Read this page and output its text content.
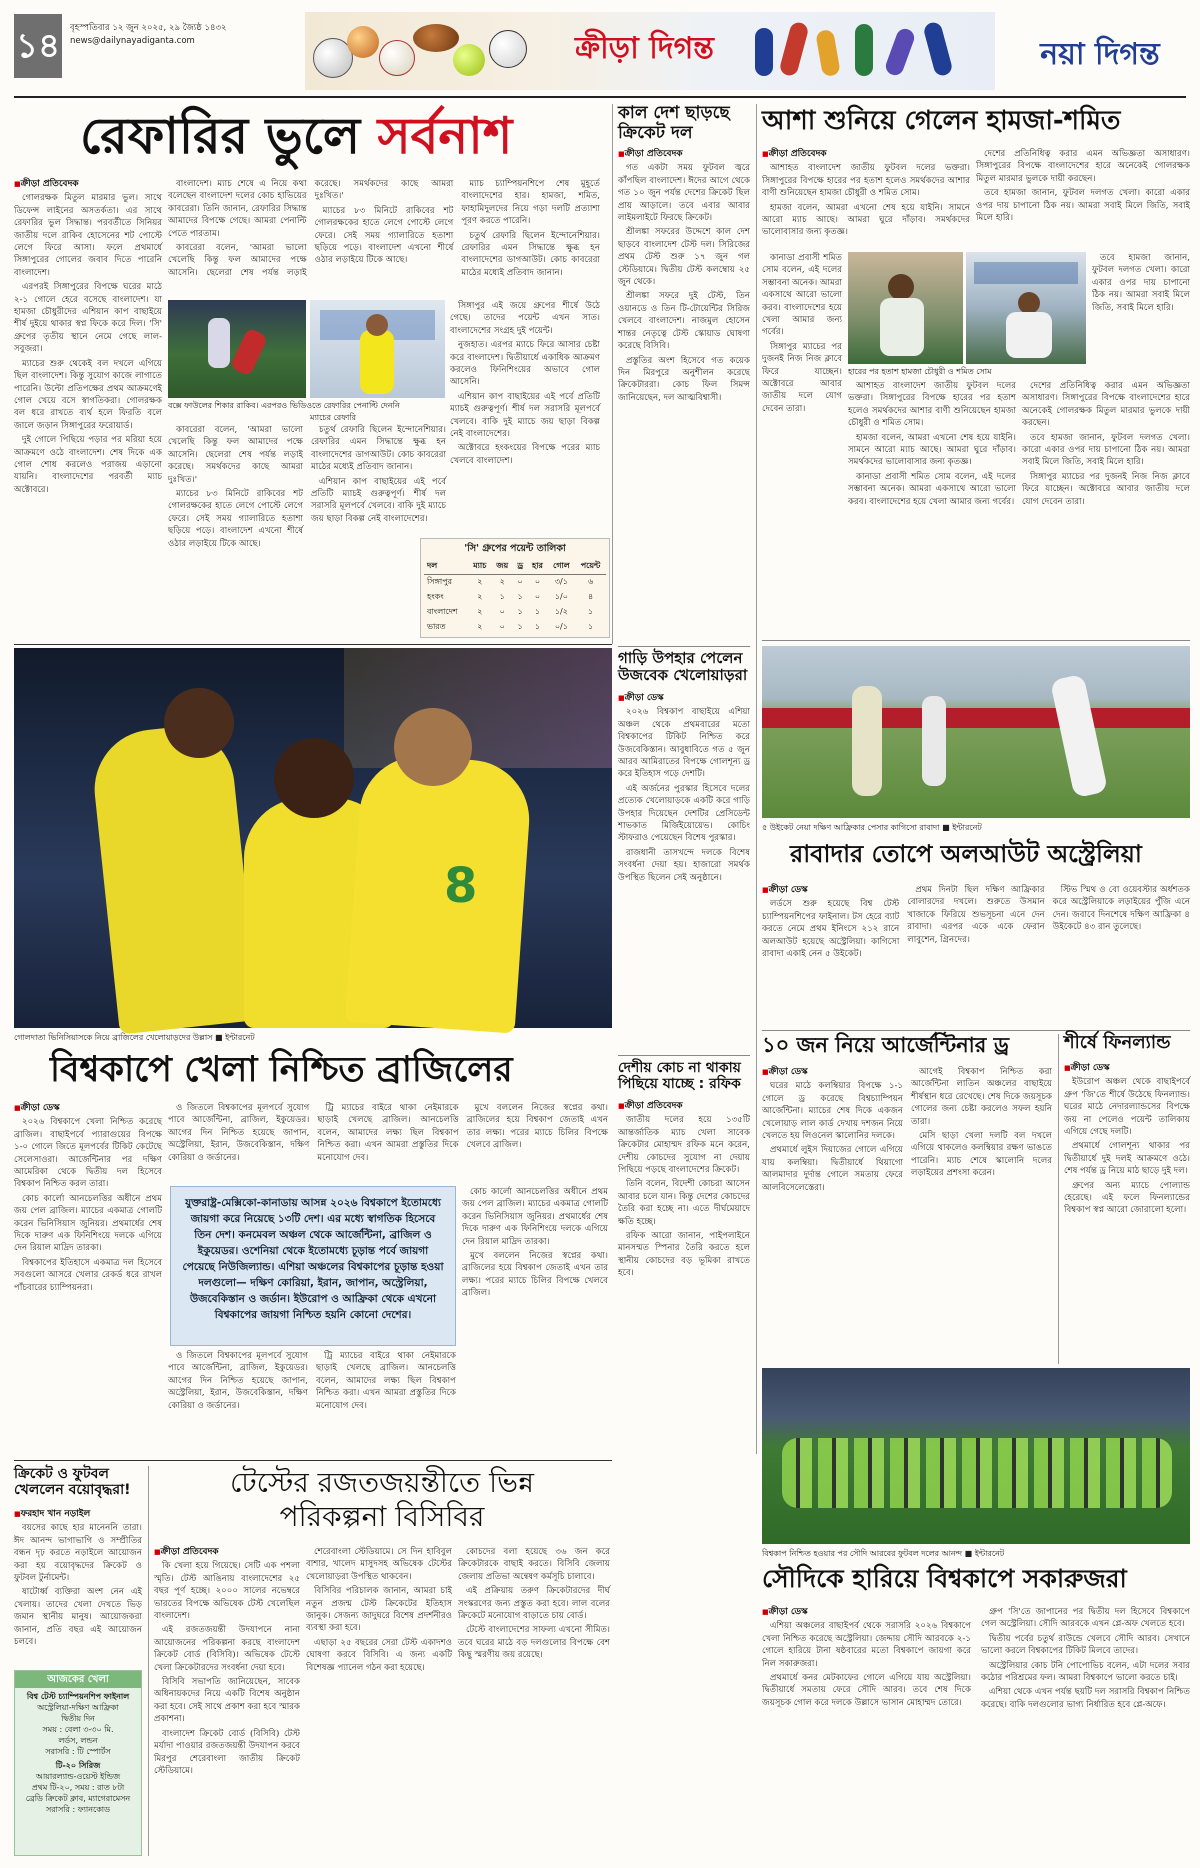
১৪ বৃহস্পতিবার ১২ জুন ২০২৫, ২৯ জ্যৈষ্ঠ ১৪৩২
news@dailynayadiganta.com	ক্রীড়া দিগন্ত	নয়া দিগন্ত
রেফারির ভুলে সর্বনাশ
■ ক্রীড়া প্রতিবেদক

গোলরক্ষক মিতুল মারমার ভুল। সাথে ডিফেন্স লাইনের অসতর্কতা। এর সাথে রেফারির ভুল সিদ্ধান্ত। পরবর্তীতে সিনিয়র জাতীয় দলে রাকিব হোসেনের শট পোস্টে লেগে ফিরে আসা। ফলে প্রথমার্ধে সিঙ্গাপুরের গোলের জবাব দিতে পারেনি বাংলাদেশ।

এরপরই সিঙ্গাপুরের বিপক্ষে ঘরের মাঠে ২-১ গোলে হেরে বসেছে বাংলাদেশ। যা হামজা চৌধুরীদের এশিয়ান কাপ বাছাইয়ে শীর্ষ দুইয়ে থাকার স্বপ্ন ফিকে করে দিল। 'সি' গ্রুপের তৃতীয় স্থানে নেমে গেছে লাল-সবুজরা।

ম্যাচের শুরু থেকেই বল দখলে এগিয়ে ছিল বাংলাদেশ। কিন্তু সুযোগ কাজে লাগাতে পারেনি। উল্টো প্রতিপক্ষের প্রথম আক্রমণেই গোল খেয়ে বসে স্বাগতিকরা। গোলরক্ষক বল ধরে রাখতে ব্যর্থ হলে ফিরতি বলে জালে জড়ান সিঙ্গাপুরের ফরোয়ার্ড।

দুই গোলে পিছিয়ে পড়ার পর মরিয়া হয়ে আক্রমণে ওঠে বাংলাদেশ। শেষ দিকে এক গোল শোধ করলেও পরাজয় এড়ানো যায়নি। বাংলাদেশের পরবর্তী ম্যাচ অক্টোবরে।

বাংলাদেশ। ম্যাচ শেষে এ নিয়ে কথা বলেছেন বাংলাদেশ দলের কোচ হাভিয়ের কাবরেরা। তিনি জানান, রেফারির সিদ্ধান্ত আমাদের বিপক্ষে গেছে। আমরা পেনাল্টি পেতে পারতাম।

কাবরেরা বলেন, 'আমরা ভালো খেলেছি কিন্তু ফল আমাদের পক্ষে আসেনি। ছেলেরা শেষ পর্যন্ত লড়াই করেছে। সমর্থকদের কাছে আমরা দুঃখিত।'

ম্যাচের ৮৩ মিনিটে রাকিবের শট গোলরক্ষকের হাতে লেগে পোস্টে লেগে ফেরে। সেই সময় গ্যালারিতে হতাশা ছড়িয়ে পড়ে। বাংলাদেশ এখনো শীর্ষে ওঠার লড়াইয়ে টিকে আছে।

ম্যাচ চ্যাম্পিয়নশিপে শেষ মুহূর্তে বাংলাদেশের হার। হামজা, শমিত, ফাহামিদুলদের নিয়ে গড়া দলটি প্রত্যাশা পূরণ করতে পারেনি।

চতুর্থ রেফারি ছিলেন ইন্দোনেশিয়ার। রেফারির এমন সিদ্ধান্তে ক্ষুব্ধ হন বাংলাদেশের ডাগআউট। কোচ কাবরেরা মাঠের মধ্যেই প্রতিবাদ জানান।

সিঙ্গাপুর এই জয়ে গ্রুপের শীর্ষে উঠে গেছে। তাদের পয়েন্ট এখন সাত। বাংলাদেশের সংগ্রহ দুই পয়েন্ট।

নুজহাত। এরপর ম্যাচে ফিরে আসার চেষ্টা করে বাংলাদেশ। দ্বিতীয়ার্ধে একাধিক আক্রমণ করলেও ফিনিশিংয়ের অভাবে গোল আসেনি।

এশিয়ান কাপ বাছাইয়ের এই পর্বে প্রতিটি ম্যাচই গুরুত্বপূর্ণ। শীর্ষ দল সরাসরি মূলপর্বে খেলবে। বাকি দুই ম্যাচে জয় ছাড়া বিকল্প নেই বাংলাদেশের।

অক্টোবরে হংকংয়ের বিপক্ষে পরের ম্যাচ খেলবে বাংলাদেশ।

বক্সে ফাউলের শিকার রাকিব। এরপরও ভিডিওতে রেফারির পেনাল্টি দেননি
ম্যাচের রেফারি

কাবরেরা বলেন, 'আমরা ভালো খেলেছি কিন্তু ফল আমাদের পক্ষে আসেনি। ছেলেরা শেষ পর্যন্ত লড়াই করেছে। সমর্থকদের কাছে আমরা দুঃখিত।'

ম্যাচের ৮৩ মিনিটে রাকিবের শট গোলরক্ষকের হাতে লেগে পোস্টে লেগে ফেরে। সেই সময় গ্যালারিতে হতাশা ছড়িয়ে পড়ে। বাংলাদেশ এখনো শীর্ষে ওঠার লড়াইয়ে টিকে আছে।

চতুর্থ রেফারি ছিলেন ইন্দোনেশিয়ার। রেফারির এমন সিদ্ধান্তে ক্ষুব্ধ হন বাংলাদেশের ডাগআউট। কোচ কাবরেরা মাঠের মধ্যেই প্রতিবাদ জানান।

এশিয়ান কাপ বাছাইয়ের এই পর্বে প্রতিটি ম্যাচই গুরুত্বপূর্ণ। শীর্ষ দল সরাসরি মূলপর্বে খেলবে। বাকি দুই ম্যাচে জয় ছাড়া বিকল্প নেই বাংলাদেশের।

'সি' গ্রুপের পয়েন্ট তালিকা
দল	ম্যাচ	জয়	ড্র	হার	গোল	পয়েন্ট
সিঙ্গাপুর	২	২	০	০	৩/১	৬
হংকং	২	১	১	০	১/০	৪
বাংলাদেশ	২	০	১	১	১/২	১
ভারত	২	০	১	১	০/১	১
কাল দেশ ছাড়ছে ক্রিকেট দল
■ ক্রীড়া প্রতিবেদক

গত একটা সময় ফুটবল জ্বরে কাঁপছিল বাংলাদেশ। ঈদের আগে থেকে গত ১০ জুন পর্যন্ত দেশের ক্রিকেট ছিল প্রায় আড়ালে। তবে এবার আবার লাইমলাইটে ফিরছে ক্রিকেট।

শ্রীলঙ্কা সফরের উদ্দেশে কাল দেশ ছাড়বে বাংলাদেশ টেস্ট দল। সিরিজের প্রথম টেস্ট শুরু ১৭ জুন গল স্টেডিয়ামে। দ্বিতীয় টেস্ট কলম্বোয় ২৫ জুন থেকে।

শ্রীলঙ্কা সফরে দুই টেস্ট, তিন ওয়ানডে ও তিন টি-টোয়েন্টির সিরিজ খেলবে বাংলাদেশ। নাজমুল হোসেন শান্তর নেতৃত্বে টেস্ট স্কোয়াড ঘোষণা করেছে বিসিবি।

প্রস্তুতির অংশ হিসেবে গত কয়েক দিন মিরপুরে অনুশীলন করেছে ক্রিকেটাররা। কোচ ফিল সিমন্স জানিয়েছেন, দল আত্মবিশ্বাসী।

গাড়ি উপহার পেলেন উজবেক খেলোয়াড়রা
■ ক্রীড়া ডেস্ক

২০২৬ বিশ্বকাপ বাছাইয়ে এশিয়া অঞ্চল থেকে প্রথমবারের মতো বিশ্বকাপের টিকিট নিশ্চিত করে উজবেকিস্তান। আবুধাবিতে গত ৫ জুন আরব আমিরাতের বিপক্ষে গোলশূন্য ড্র করে ইতিহাস গড়ে দেশটি।

এই অর্জনের পুরস্কার হিসেবে দলের প্রত্যেক খেলোয়াড়কে একটি করে গাড়ি উপহার দিয়েছেন দেশটির প্রেসিডেন্ট শাভকাত মির্জিইয়োয়েভ। কোচিং স্টাফরাও পেয়েছেন বিশেষ পুরস্কার।

রাজধানী তাসখন্দে দলকে বিশেষ সংবর্ধনা দেয়া হয়। হাজারো সমর্থক উপস্থিত ছিলেন সেই অনুষ্ঠানে।

দেশীয় কোচ না থাকায় পিছিয়ে যাচ্ছে : রফিক
■ ক্রীড়া প্রতিবেদক

জাতীয় দলের হয়ে ১৩৫টি আন্তর্জাতিক ম্যাচ খেলা সাবেক ক্রিকেটার মোহাম্মদ রফিক মনে করেন, দেশীয় কোচদের সুযোগ না দেয়ায় পিছিয়ে পড়ছে বাংলাদেশের ক্রিকেট।

তিনি বলেন, বিদেশী কোচরা আসেন আবার চলে যান। কিন্তু দেশের কোচদের তৈরি করা হচ্ছে না। এতে দীর্ঘমেয়াদে ক্ষতি হচ্ছে।

রফিক আরো জানান, পাইপলাইনে মানসম্মত স্পিনার তৈরি করতে হলে স্থানীয় কোচদের বড় ভূমিকা রাখতে হবে।

আশা শুনিয়ে গেলেন হামজা-শমিত
■ ক্রীড়া প্রতিবেদক

আশাহত বাংলাদেশ জাতীয় ফুটবল দলের ভক্তরা। সিঙ্গাপুরের বিপক্ষে হারের পর হতাশ হলেও সমর্থকদের আশার বাণী শুনিয়েছেন হামজা চৌধুরী ও শমিত সোম।

হামজা বলেন, আমরা এখনো শেষ হয়ে যাইনি। সামনে আরো ম্যাচ আছে। আমরা ঘুরে দাঁড়াব। সমর্থকদের ভালোবাসার জন্য কৃতজ্ঞ।

দেশের প্রতিনিধিত্ব করার এমন অভিজ্ঞতা অসাধারণ। সিঙ্গাপুরের বিপক্ষে বাংলাদেশের হারে অনেকেই গোলরক্ষক মিতুল মারমার ভুলকে দায়ী করছেন।

তবে হামজা জানান, ফুটবল দলগত খেলা। কারো একার ওপর দায় চাপানো ঠিক নয়। আমরা সবাই মিলে জিতি, সবাই মিলে হারি।

কানাডা প্রবাসী শমিত সোম বলেন, এই দলের সম্ভাবনা অনেক। আমরা একসাথে আরো ভালো করব। বাংলাদেশের হয়ে খেলা আমার জন্য গর্বের।

সিঙ্গাপুর ম্যাচের পর দুজনই নিজ নিজ ক্লাবে ফিরে যাচ্ছেন। অক্টোবরে আবার জাতীয় দলে যোগ দেবেন তারা।

তবে হামজা জানান, ফুটবল দলগত খেলা। কারো একার ওপর দায় চাপানো ঠিক নয়। আমরা সবাই মিলে জিতি, সবাই মিলে হারি।

হারের পর হতাশ হামজা চৌধুরী ও শমিত সোম

আশাহত বাংলাদেশ জাতীয় ফুটবল দলের ভক্তরা। সিঙ্গাপুরের বিপক্ষে হারের পর হতাশ হলেও সমর্থকদের আশার বাণী শুনিয়েছেন হামজা চৌধুরী ও শমিত সোম।

হামজা বলেন, আমরা এখনো শেষ হয়ে যাইনি। সামনে আরো ম্যাচ আছে। আমরা ঘুরে দাঁড়াব। সমর্থকদের ভালোবাসার জন্য কৃতজ্ঞ।

কানাডা প্রবাসী শমিত সোম বলেন, এই দলের সম্ভাবনা অনেক। আমরা একসাথে আরো ভালো করব। বাংলাদেশের হয়ে খেলা আমার জন্য গর্বের।

দেশের প্রতিনিধিত্ব করার এমন অভিজ্ঞতা অসাধারণ। সিঙ্গাপুরের বিপক্ষে বাংলাদেশের হারে অনেকেই গোলরক্ষক মিতুল মারমার ভুলকে দায়ী করছেন।

তবে হামজা জানান, ফুটবল দলগত খেলা। কারো একার ওপর দায় চাপানো ঠিক নয়। আমরা সবাই মিলে জিতি, সবাই মিলে হারি।

সিঙ্গাপুর ম্যাচের পর দুজনই নিজ নিজ ক্লাবে ফিরে যাচ্ছেন। অক্টোবরে আবার জাতীয় দলে যোগ দেবেন তারা।

৫ উইকেট নেয়া দক্ষিণ আফ্রিকার পেসার কাগিসো রাবাদা ■ ইন্টারনেট
রাবাদার তোপে অলআউট অস্ট্রেলিয়া
■ ক্রীড়া ডেস্ক

লর্ডসে শুরু হয়েছে বিশ্ব টেস্ট চ্যাম্পিয়নশিপের ফাইনাল। টস হেরে ব্যাট করতে নেমে প্রথম ইনিংসে ২১২ রানে অলআউট হয়েছে অস্ট্রেলিয়া। কাগিসো রাবাদা একাই নেন ৫ উইকেট।

প্রথম দিনটা ছিল দক্ষিণ আফ্রিকার বোলারদের দখলে। শুরুতে উসমান খাজাকে ফিরিয়ে শুভসূচনা এনে দেন রাবাদা। এরপর একে একে ফেরান লাবুশেন, গ্রিনদের।

স্টিভ স্মিথ ও বো ওয়েবস্টার অর্ধশতক করে অস্ট্রেলিয়াকে লড়াইয়ের পুঁজি এনে দেন। জবাবে দিনশেষে দক্ষিণ আফ্রিকা ৪ উইকেটে ৪৩ রান তুলেছে।

১০ জন নিয়ে আর্জেন্টিনার ড্র
■ ক্রীড়া ডেস্ক

ঘরের মাঠে কলম্বিয়ার বিপক্ষে ১-১ গোলে ড্র করেছে বিশ্বচ্যাম্পিয়ন আর্জেন্টিনা। ম্যাচের শেষ দিকে একজন খেলোয়াড় লাল কার্ড দেখায় দশজন নিয়ে খেলতে হয় লিওনেল স্কালোনির দলকে।

প্রথমার্ধে লুইস দিয়াজের গোলে এগিয়ে যায় কলম্বিয়া। দ্বিতীয়ার্ধে থিয়াগো আলমাদার দুর্দান্ত গোলে সমতায় ফেরে আলবিসেলেস্তেরা।

আগেই বিশ্বকাপ নিশ্চিত করা আর্জেন্টিনা লাতিন অঞ্চলের বাছাইয়ে শীর্ষস্থান ধরে রেখেছে। শেষ দিকে জয়সূচক গোলের জন্য চেষ্টা করলেও সফল হয়নি তারা।

মেসি ছাড়া খেলা দলটি বল দখলে এগিয়ে থাকলেও কলম্বিয়ার রক্ষণ ভাঙতে পারেনি। ম্যাচ শেষে স্কালোনি দলের লড়াইয়ের প্রশংসা করেন।

শীর্ষে ফিনল্যান্ড
■ ক্রীড়া ডেস্ক

ইউরোপ অঞ্চল থেকে বাছাইপর্বে গ্রুপ 'জি'তে শীর্ষে উঠেছে ফিনল্যান্ড। ঘরের মাঠে নেদারল্যান্ডসের বিপক্ষে জয় না পেলেও পয়েন্ট তালিকায় এগিয়ে গেছে দলটি।

প্রথমার্ধে গোলশূন্য থাকার পর দ্বিতীয়ার্ধে দুই দলই আক্রমণে ওঠে। শেষ পর্যন্ত ড্র নিয়ে মাঠ ছাড়ে দুই দল।

গ্রুপের অন্য ম্যাচে পোল্যান্ড হেরেছে। এই ফলে ফিনল্যান্ডের বিশ্বকাপ স্বপ্ন আরো জোরালো হলো।

বিশ্বকাপ নিশ্চিত হওয়ার পর সৌদি আরবের ফুটবল দলের আনন্দ ■ ইন্টারনেট
সৌদিকে হারিয়ে বিশ্বকাপে সকারুজরা
■ ক্রীড়া ডেস্ক

এশিয়া অঞ্চলের বাছাইপর্ব থেকে সরাসরি ২০২৬ বিশ্বকাপে খেলা নিশ্চিত করেছে অস্ট্রেলিয়া। জেদ্দায় সৌদি আরবকে ২-১ গোলে হারিয়ে টানা ষষ্ঠবারের মতো বিশ্বকাপে জায়গা করে নিল সকারুজরা।

প্রথমার্ধে কনর মেটকাফের গোলে এগিয়ে যায় অস্ট্রেলিয়া। দ্বিতীয়ার্ধে সমতায় ফেরে সৌদি আরব। তবে শেষ দিকে জয়সূচক গোল করে দলকে উল্লাসে ভাসান মোহাম্মদ তোরে।

গ্রুপ 'সি'তে জাপানের পর দ্বিতীয় দল হিসেবে বিশ্বকাপে গেল অস্ট্রেলিয়া। সৌদি আরবকে এখন প্লে-অফ খেলতে হবে।

দ্বিতীয় পর্বের চতুর্থ রাউন্ডে খেলবে সৌদি আরব। সেখানে ভালো করলে বিশ্বকাপের টিকিট মিলবে তাদের।

অস্ট্রেলিয়ার কোচ টনি পোপোভিচ বলেন, এটা দলের সবার কঠোর পরিশ্রমের ফল। আমরা বিশ্বকাপে ভালো করতে চাই।

এশিয়া থেকে এখন পর্যন্ত ছয়টি দল সরাসরি বিশ্বকাপ নিশ্চিত করেছে। বাকি দলগুলোর ভাগ্য নির্ধারিত হবে প্লে-অফে।

8
গোলদাতা ভিনিসিয়াসকে নিয়ে ব্রাজিলের খেলোয়াড়দের উল্লাস ■ ইন্টারনেট
বিশ্বকাপে খেলা নিশ্চিত ব্রাজিলের
■ ক্রীড়া ডেস্ক

২০২৬ বিশ্বকাপে খেলা নিশ্চিত করেছে ব্রাজিল। বাছাইপর্বে প্যারাগুয়ের বিপক্ষে ১-০ গোলে জিতে মূলপর্বের টিকিট কেটেছে সেলেসাওরা। আর্জেন্টিনার পর দক্ষিণ আমেরিকা থেকে দ্বিতীয় দল হিসেবে বিশ্বকাপ নিশ্চিত করল তারা।

কোচ কার্লো আনচেলত্তির অধীনে প্রথম জয় পেল ব্রাজিল। ম্যাচের একমাত্র গোলটি করেন ভিনিসিয়াস জুনিয়র। প্রথমার্ধের শেষ দিকে দারুণ এক ফিনিশিংয়ে দলকে এগিয়ে দেন রিয়াল মাদ্রিদ তারকা।

বিশ্বকাপের ইতিহাসে একমাত্র দল হিসেবে সবগুলো আসরে খেলার রেকর্ড ধরে রাখল পাঁচবারের চ্যাম্পিয়নরা।

ও জিতলে বিশ্বকাপের মূলপর্বে সুযোগ পাবে আর্জেন্টিনা, ব্রাজিল, ইকুয়েডর। আগের দিন নিশ্চিত হয়েছে জাপান, অস্ট্রেলিয়া, ইরান, উজবেকিস্তান, দক্ষিণ কোরিয়া ও জর্ডানের।

ট্রি ম্যাচের বাইরে থাকা নেইমারকে ছাড়াই খেলছে ব্রাজিল। আনচেলত্তি বলেন, আমাদের লক্ষ্য ছিল বিশ্বকাপ নিশ্চিত করা। এখন আমরা প্রস্তুতির দিকে মনোযোগ দেব।

মুখে বললেন নিজের স্বপ্নের কথা। ব্রাজিলের হয়ে বিশ্বকাপ জেতাই এখন তার লক্ষ্য। পরের ম্যাচে চিলির বিপক্ষে খেলবে ব্রাজিল।

যুক্তরাষ্ট্র-মেক্সিকো-কানাডায় আসন্ন ২০২৬ বিশ্বকাপে ইতোমধ্যে জায়গা করে নিয়েছে ১৩টি দেশ। এর মধ্যে স্বাগতিক হিসেবে তিন দেশ। কনমেবল অঞ্চল থেকে আর্জেন্টিনা, ব্রাজিল ও ইকুয়েডর। ওশেনিয়া থেকে ইতোমধ্যে চূড়ান্ত পর্বে জায়গা পেয়েছে নিউজিল্যান্ড। এশিয়া অঞ্চলের বিশ্বকাপের চূড়ান্ত হওয়া দলগুলো— দক্ষিণ কোরিয়া, ইরান, জাপান, অস্ট্রেলিয়া, উজবেকিস্তান ও জর্ডান। ইউরোপ ও আফ্রিকা থেকে এখনো বিশ্বকাপের জায়গা নিশ্চিত হয়নি কোনো দেশের।

কোচ কার্লো আনচেলত্তির অধীনে প্রথম জয় পেল ব্রাজিল। ম্যাচের একমাত্র গোলটি করেন ভিনিসিয়াস জুনিয়র। প্রথমার্ধের শেষ দিকে দারুণ এক ফিনিশিংয়ে দলকে এগিয়ে দেন রিয়াল মাদ্রিদ তারকা।

মুখে বললেন নিজের স্বপ্নের কথা। ব্রাজিলের হয়ে বিশ্বকাপ জেতাই এখন তার লক্ষ্য। পরের ম্যাচে চিলির বিপক্ষে খেলবে ব্রাজিল।

ও জিতলে বিশ্বকাপের মূলপর্বে সুযোগ পাবে আর্জেন্টিনা, ব্রাজিল, ইকুয়েডর। আগের দিন নিশ্চিত হয়েছে জাপান, অস্ট্রেলিয়া, ইরান, উজবেকিস্তান, দক্ষিণ কোরিয়া ও জর্ডানের।

ট্রি ম্যাচের বাইরে থাকা নেইমারকে ছাড়াই খেলছে ব্রাজিল। আনচেলত্তি বলেন, আমাদের লক্ষ্য ছিল বিশ্বকাপ নিশ্চিত করা। এখন আমরা প্রস্তুতির দিকে মনোযোগ দেব।

ক্রিকেট ও ফুটবল খেললেন বয়োবৃদ্ধরা!
■ ফরহাদ খান নড়াইল

বয়সের কাছে হার মানেননি তারা। ঈদ আনন্দ ভাগাভাগি ও সম্প্রীতির বন্ধন দৃঢ় করতে নড়াইলে আয়োজন করা হয় বয়োবৃদ্ধদের ক্রিকেট ও ফুটবল টুর্নামেন্ট।

ষাটোর্ধ্ব ব্যক্তিরা অংশ নেন এই খেলায়। তাদের খেলা দেখতে ভিড় জমান স্থানীয় মানুষ। আয়োজকরা জানান, প্রতি বছর এই আয়োজন চলবে।

আজকের খেলা
বিশ্ব টেস্ট চ্যাম্পিয়নশিপ ফাইনাল
অস্ট্রেলিয়া-দক্ষিণ আফ্রিকা
দ্বিতীয় দিন
সময় : বেলা ৩-৩০ মি.
লর্ডস, লন্ডন
সরাসরি : টি স্পোর্টস
টি-২০ সিরিজ
আয়ারল্যান্ড-ওয়েস্ট ইন্ডিজ
প্রথম টি-২০, সময় : রাত ৮টা
ব্রেডি ক্রিকেট ক্লাব, ম্যাগেরামেসন
সরাসরি : ফ্যানকোড
টেস্টের রজতজয়ন্তীতে ভিন্ন
পরিকল্পনা বিসিবির
■ ক্রীড়া প্রতিবেদক

কি খেলা হয়ে গিয়েছে। সেটি এক পশলা স্মৃতি। টেস্ট আঙিনায় বাংলাদেশের ২৫ বছর পূর্ণ হচ্ছে। ২০০০ সালের নভেম্বরে ভারতের বিপক্ষে অভিষেক টেস্ট খেলেছিল বাংলাদেশ।

এই রজতজয়ন্তী উদযাপনে নানা আয়োজনের পরিকল্পনা করছে বাংলাদেশ ক্রিকেট বোর্ড (বিসিবি)। অভিষেক টেস্টে খেলা ক্রিকেটারদের সংবর্ধনা দেয়া হবে।

বিসিবি সভাপতি জানিয়েছেন, সাবেক অধিনায়কদের নিয়ে একটি বিশেষ অনুষ্ঠান করা হবে। সেই সাথে প্রকাশ করা হবে স্মারক প্রকাশনা।

বাংলাদেশ ক্রিকেট বোর্ড (বিসিবি) টেস্ট মর্যাদা পাওয়ার রজতজয়ন্তী উদযাপন করবে মিরপুর শেরেবাংলা জাতীয় ক্রিকেট স্টেডিয়ামে।

শেরেবাংলা স্টেডিয়ামে। সে দিন হাবিবুল বাশার, খালেদ মাসুদসহ অভিষেক টেস্টের খেলোয়াড়রা উপস্থিত থাকবেন।

বিসিবির পরিচালক জানান, আমরা চাই নতুন প্রজন্ম টেস্ট ক্রিকেটের ইতিহাস জানুক। সেজন্য জাদুঘরে বিশেষ প্রদর্শনীরও ব্যবস্থা করা হবে।

এছাড়া ২৫ বছরের সেরা টেস্ট একাদশও ঘোষণা করবে বিসিবি। এ জন্য একটি বিশেষজ্ঞ প্যানেল গঠন করা হয়েছে।

কোচদের বলা হয়েছে ৩৬ জন করে ক্রিকেটারকে বাছাই করতে। বিসিবি জেলায় জেলায় প্রতিভা অন্বেষণ কর্মসূচি চালাবে।

এই প্রক্রিয়ায় তরুণ ক্রিকেটারদের দীর্ঘ সংস্করণের জন্য প্রস্তুত করা হবে। লাল বলের ক্রিকেটে মনোযোগ বাড়াতে চায় বোর্ড।

টেস্টে বাংলাদেশের সাফল্য এখনো সীমিত। তবে ঘরের মাঠে বড় দলগুলোর বিপক্ষে বেশ কিছু স্মরণীয় জয় রয়েছে।
